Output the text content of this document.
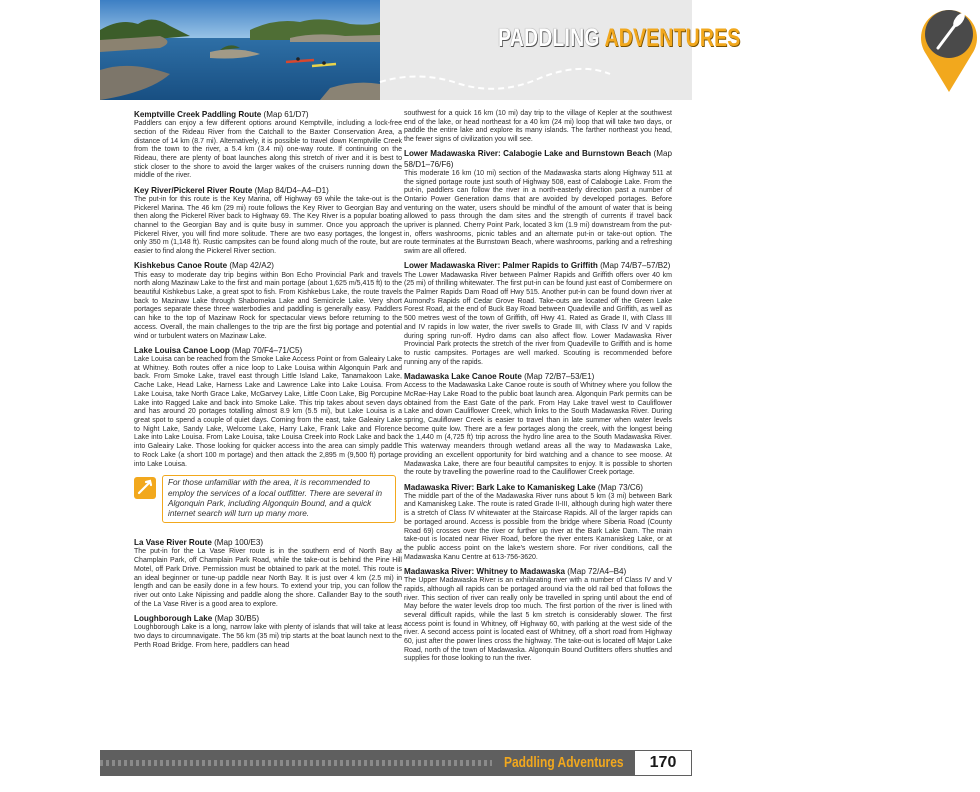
PADDLING ADVENTURES
Kemptville Creek Paddling Route (Map 61/D7)

Paddlers can enjoy a few different options around Kemptville, including a lock-free section of the Rideau River from the Catchall to the Baxter Conservation Area, a distance of 14 km (8.7 mi). Alternatively, it is possible to travel down Kemptville Creek from the town to the river, a 5.4 km (3.4 mi) one-way route. If continuing on the Rideau, there are plenty of boat launches along this stretch of river and it is best to stick closer to the shore to avoid the larger wakes of the cruisers running down the middle of the river.

Key River/Pickerel River Route (Map 84/D4–A4–D1)

The put-in for this route is the Key Marina, off Highway 69 while the take-out is the Pickerel Marina. The 46 km (29 mi) route follows the Key River to Georgian Bay and then along the Pickerel River back to Highway 69. The Key River is a popular boating channel to the Georgian Bay and is quite busy in summer. Once you approach the Pickerel River, you will find more solitude. There are two easy portages, the longest only 350 m (1,148 ft). Rustic campsites can be found along much of the route, but are easier to find along the Pickerel River section.

Kishkebus Canoe Route (Map 42/A2)

This easy to moderate day trip begins within Bon Echo Provincial Park and travels north along Mazinaw Lake to the first and main portage (about 1,625 m/5,415 ft) to the beautiful Kishkebus Lake, a great spot to fish. From Kishkebus Lake, the route travels back to Mazinaw Lake through Shabomeka Lake and Semicircle Lake. Very short portages separate these three waterbodies and paddling is generally easy. Paddlers can hike to the top of Mazinaw Rock for spectacular views before returning to the access. Overall, the main challenges to the trip are the first big portage and potential wind or turbulent waters on Mazinaw Lake.

Lake Louisa Canoe Loop (Map 70/F4–71/C5)

Lake Louisa can be reached from the Smoke Lake Access Point or from Galeairy Lake at Whitney. Both routes offer a nice loop to Lake Louisa within Algonquin Park and back. From Smoke Lake, travel east through Little Island Lake, Tanamakoon Lake, Cache Lake, Head Lake, Harness Lake and Lawrence Lake into Lake Louisa. From Lake Louisa, take North Grace Lake, McGarvey Lake, Little Coon Lake, Big Porcupine Lake into Ragged Lake and back into Smoke Lake. This trip takes about seven days and has around 20 portages totalling almost 8.9 km (5.5 mi), but Lake Louisa is a great spot to spend a couple of quiet days. Coming from the east, take Galeairy Lake to Night Lake, Sandy Lake, Welcome Lake, Harry Lake, Frank Lake and Florence Lake into Lake Louisa. From Lake Louisa, take Louisa Creek into Rock Lake and back into Galeairy Lake. Those looking for quicker access into the area can simply paddle to Rock Lake (a short 100 m portage) and then attack the 2,895 m (9,500 ft) portage into Lake Louisa.

For those unfamiliar with the area, it is recommended to employ the services of a local outfitter. There are several in Algonquin Park, including Algonquin Bound, and a quick internet search will turn up many more.
La Vase River Route (Map 100/E3)

The put-in for the La Vase River route is in the southern end of North Bay at Champlain Park, off Champlain Park Road, while the take-out is behind the Pine Hill Motel, off Park Drive. Permission must be obtained to park at the motel. This route is an ideal beginner or tune-up paddle near North Bay. It is just over 4 km (2.5 mi) in length and can be easily done in a few hours. To extend your trip, you can follow the river out onto Lake Nipissing and paddle along the shore. Callander Bay to the south of the La Vase River is a good area to explore.

Loughborough Lake (Map 30/B5)

Loughborough Lake is a long, narrow lake with plenty of islands that will take at least two days to circumnavigate. The 56 km (35 mi) trip starts at the boat launch next to the Perth Road Bridge. From here, paddlers can head

southwest for a quick 16 km (10 mi) day trip to the village of Kepler at the southwest end of the lake, or head northeast for a 40 km (24 mi) loop that will take two days, or paddle the entire lake and explore its many islands. The farther northeast you head, the fewer signs of civilization you will see.

Lower Madawaska River: Calabogie Lake and Burnstown Beach (Map 58/D1–76/F6)

This moderate 16 km (10 mi) section of the Madawaska starts along Highway 511 at the signed portage route just south of Highway 508, east of Calabogie Lake. From the put-in, paddlers can follow the river in a north-easterly direction past a number of Ontario Power Generation dams that are avoided by developed portages. Before venturing on the water, users should be mindful of the amount of water that is being allowed to pass through the dam sites and the strength of currents if travel back upriver is planned. Cherry Point Park, located 3 km (1.9 mi) downstream from the put-in, offers washrooms, picnic tables and an alternate put-in or take-out option. The route terminates at the Burnstown Beach, where washrooms, parking and a refreshing swim are all offered.

Lower Madawaska River: Palmer Rapids to Griffith (Map 74/B7–57/B2)

The Lower Madawaska River between Palmer Rapids and Griffith offers over 40 km (25 mi) of thrilling whitewater. The first put-in can be found just east of Combermere on the Palmer Rapids Dam Road off Hwy 515. Another put-in can be found down river at Aumond's Rapids off Cedar Grove Road. Take-outs are located off the Green Lake Forest Road, at the end of Buck Bay Road between Quadeville and Griffith, as well as 500 metres west of the town of Griffith, off Hwy 41. Rated as Grade II, with Class III and IV rapids in low water, the river swells to Grade III, with Class IV and V rapids during spring run-off. Hydro dams can also affect flow. Lower Madawaska River Provincial Park protects the stretch of the river from Quadeville to Griffith and is home to rustic campsites. Portages are well marked. Scouting is recommended before running any of the rapids.

Madawaska Lake Canoe Route (Map 72/B7–53/E1)

Access to the Madawaska Lake Canoe route is south of Whitney where you follow the McRae-Hay Lake Road to the public boat launch area. Algonquin Park permits can be obtained from the East Gate of the park. From Hay Lake travel west to Cauliflower Lake and down Cauliflower Creek, which links to the South Madawaska River. During spring, Cauliflower Creek is easier to travel than in late summer when water levels become quite low. There are a few portages along the creek, with the longest being the 1,440 m (4,725 ft) trip across the hydro line area to the South Madawaska River. This waterway meanders through wetland areas all the way to Madawaska Lake, providing an excellent opportunity for bird watching and a chance to see moose. At Madawaska Lake, there are four beautiful campsites to enjoy. It is possible to shorten the route by travelling the powerline road to the Cauliflower Creek portage.

Madawaska River: Bark Lake to Kamaniskeg Lake (Map 73/C6)

The middle part of the of the Madawaska River runs about 5 km (3 mi) between Bark and Kamaniskeg Lake. The route is rated Grade II-III, although during high water there is a stretch of Class IV whitewater at the Staircase Rapids. All of the larger rapids can be portaged around. Access is possible from the bridge where Siberia Road (County Road 69) crosses over the river or further up river at the Bark Lake Dam. The main take-out is located near River Road, before the river enters Kamaniskeg Lake, or at the public access point on the lake's western shore. For river conditions, call the Madawaska Kanu Centre at 613-756-3620.

Madawaska River: Whitney to Madawaska (Map 72/A4–B4)

The Upper Madawaska River is an exhilarating river with a number of Class IV and V rapids, although all rapids can be portaged around via the old rail bed that follows the river. This section of river can really only be travelled in spring until about the end of May before the water levels drop too much. The first portion of the river is lined with several difficult rapids, while the last 5 km stretch is considerably slower. The first access point is found in Whitney, off Highway 60, with parking at the west side of the river. A second access point is located east of Whitney, off a short road from Highway 60, just after the power lines cross the highway. The take-out is located off Major Lake Road, north of the town of Madawaska. Algonquin Bound Outfitters offers shuttles and supplies for those looking to run the river.

Paddling Adventures	170
